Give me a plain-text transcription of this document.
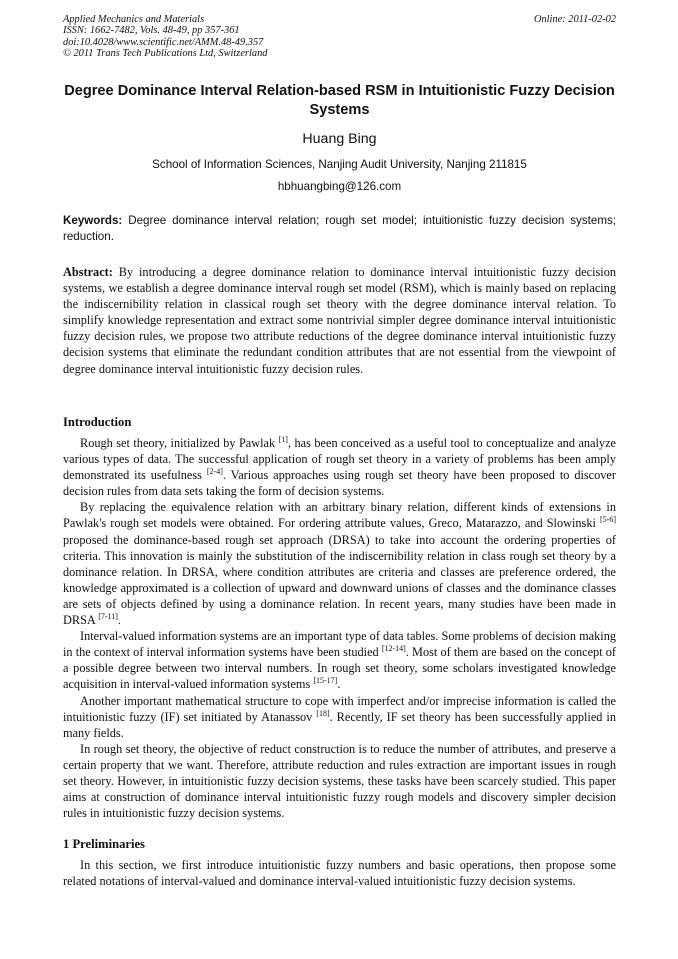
Applied Mechanics and Materials
ISSN: 1662-7482, Vols. 48-49, pp 357-361
doi:10.4028/www.scientific.net/AMM.48-49.357
© 2011 Trans Tech Publications Ltd, Switzerland
Online: 2011-02-02
Degree Dominance Interval Relation-based RSM in Intuitionistic Fuzzy Decision Systems
Huang Bing
School of Information Sciences, Nanjing Audit University, Nanjing 211815
hbhuangbing@126.com
Keywords: Degree dominance interval relation; rough set model; intuitionistic fuzzy decision systems; reduction.
Abstract: By introducing a degree dominance relation to dominance interval intuitionistic fuzzy decision systems, we establish a degree dominance interval rough set model (RSM), which is mainly based on replacing the indiscernibility relation in classical rough set theory with the degree dominance interval relation. To simplify knowledge representation and extract some nontrivial simpler degree dominance interval intuitionistic fuzzy decision rules, we propose two attribute reductions of the degree dominance interval intuitionistic fuzzy decision systems that eliminate the redundant condition attributes that are not essential from the viewpoint of degree dominance interval intuitionistic fuzzy decision rules.
Introduction

Rough set theory, initialized by Pawlak [1], has been conceived as a useful tool to conceptualize and analyze various types of data. The successful application of rough set theory in a variety of problems has been amply demonstrated its usefulness [2-4]. Various approaches using rough set theory have been proposed to discover decision rules from data sets taking the form of decision systems.

By replacing the equivalence relation with an arbitrary binary relation, different kinds of extensions in Pawlak's rough set models were obtained. For ordering attribute values, Greco, Matarazzo, and Slowinski [5-6] proposed the dominance-based rough set approach (DRSA) to take into account the ordering properties of criteria. This innovation is mainly the substitution of the indiscernibility relation in class rough set theory by a dominance relation. In DRSA, where condition attributes are criteria and classes are preference ordered, the knowledge approximated is a collection of upward and downward unions of classes and the dominance classes are sets of objects defined by using a dominance relation. In recent years, many studies have been made in DRSA [7-11].

Interval-valued information systems are an important type of data tables. Some problems of decision making in the context of interval information systems have been studied [12-14]. Most of them are based on the concept of a possible degree between two interval numbers. In rough set theory, some scholars investigated knowledge acquisition in interval-valued information systems [15-17].

Another important mathematical structure to cope with imperfect and/or imprecise information is called the intuitionistic fuzzy (IF) set initiated by Atanassov [18]. Recently, IF set theory has been successfully applied in many fields.

In rough set theory, the objective of reduct construction is to reduce the number of attributes, and preserve a certain property that we want. Therefore, attribute reduction and rules extraction are important issues in rough set theory. However, in intuitionistic fuzzy decision systems, these tasks have been scarcely studied. This paper aims at construction of dominance interval intuitionistic fuzzy rough models and discovery simpler decision rules in intuitionistic fuzzy decision systems.

1 Preliminaries

In this section, we first introduce intuitionistic fuzzy numbers and basic operations, then propose some related notations of interval-valued and dominance interval-valued intuitionistic fuzzy decision systems.
